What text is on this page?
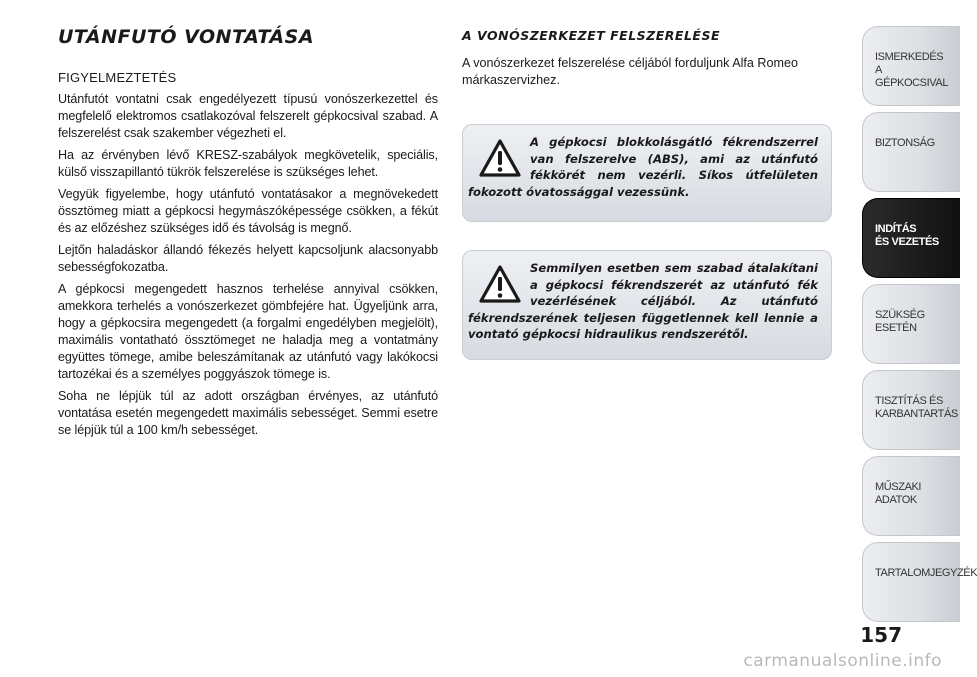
UTÁNFUTÓ VONTATÁSA

FIGYELMEZTETÉS

Utánfutót vontatni csak engedélyezett típusú vonószerkezettel és megfelelő elektromos csatlakozóval felszerelt gépkocsival szabad. A felszerelést csak szakember végezheti el.

Ha az érvényben lévő KRESZ-szabályok megkövetelik, speciális, külső visszapillantó tükrök felszerelése is szükséges lehet.

Vegyük figyelembe, hogy utánfutó vontatásakor a megnövekedett össztömeg miatt a gépkocsi hegymászóképessége csökken, a fékút és az előzéshez szükséges idő és távolság is megnő.

Lejtőn haladáskor állandó fékezés helyett kapcsoljunk alacsonyabb sebességfokozatba.

A gépkocsi megengedett hasznos terhelése annyival csökken, amekkora terhelés a vonószerkezet gömbfejére hat. Ügyeljünk arra, hogy a gépkocsira megengedett (a forgalmi engedélyben megjelölt), maximális vontatható össztömeget ne haladja meg a vontatmány együttes tömege, amibe beleszámítanak az utánfutó vagy lakókocsi tartozékai és a személyes poggyászok tömege is.

Soha ne lépjük túl az adott országban érvényes, az utánfutó vontatása esetén megengedett maximális sebességet. Semmi esetre se lépjük túl a 100 km/h sebességet.

A VONÓSZERKEZET FELSZERELÉSE

A vonószerkezet felszerelése céljából forduljunk Alfa Romeo márkaszervizhez.

A gépkocsi blokkolásgátló fékrendszerrel van felszerelve (ABS), ami az utánfutó fékkörét nem vezérli. Síkos útfelületen fokozott óvatossággal vezessünk.

Semmilyen esetben sem szabad átalakítani a gépkocsi fékrendszerét az utánfutó fék vezérlésének céljából. Az utánfutó fékrendszerének teljesen függetlennek kell lennie a vontató gépkocsi hidraulikus rendszerétől.

ISMERKEDÉS
A GÉPKOCSIVAL
BIZTONSÁG
INDÍTÁS
ÉS VEZETÉS
SZÜKSÉG
ESETÉN
TISZTÍTÁS ÉS
KARBANTARTÁS
MŰSZAKI
ADATOK
TARTALOMJEGYZÉK
157
carmanualsonline.info
